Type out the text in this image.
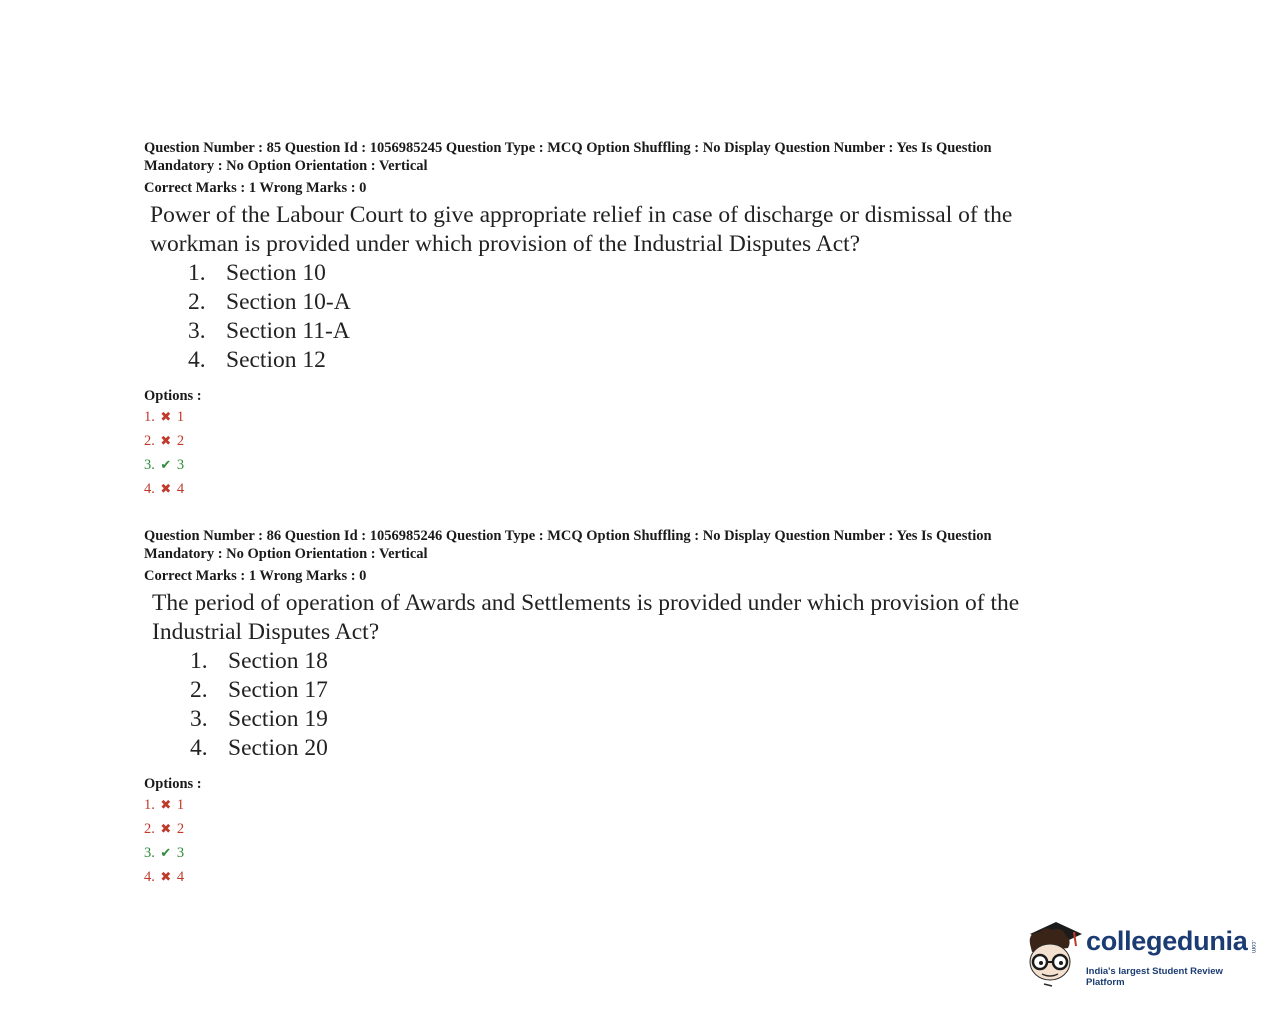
Question Number : 85 Question Id : 1056985245 Question Type : MCQ Option Shuffling : No Display Question Number : Yes Is Question
Mandatory : No Option Orientation : Vertical
Correct Marks : 1 Wrong Marks : 0
Power of the Labour Court to give appropriate relief in case of discharge or dismissal of the
workman is provided under which provision of the Industrial Disputes Act?
1. Section 10
2. Section 10-A
3. Section 11-A
4. Section 12
Options :
1. ✖ 1
2. ✖ 2
3. ✔ 3
4. ✖ 4
Question Number : 86 Question Id : 1056985246 Question Type : MCQ Option Shuffling : No Display Question Number : Yes Is Question
Mandatory : No Option Orientation : Vertical
Correct Marks : 1 Wrong Marks : 0
The period of operation of Awards and Settlements is provided under which provision of the
Industrial Disputes Act?
1. Section 18
2. Section 17
3. Section 19
4. Section 20
Options :
1. ✖ 1
2. ✖ 2
3. ✔ 3
4. ✖ 4
collegedunia .com
India's largest Student Review Platform
